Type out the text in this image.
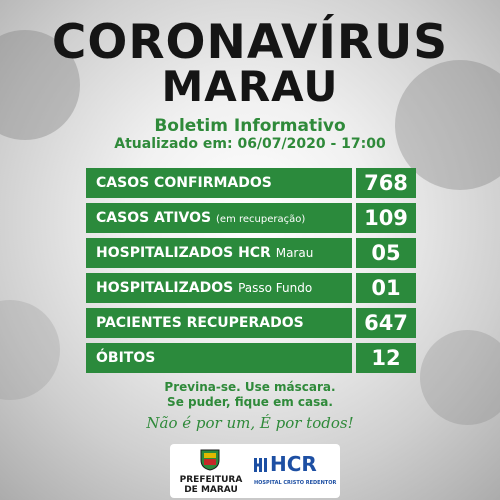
CORONAVÍRUS
MARAU
Boletim Informativo
Atualizado em: 06/07/2020 - 17:00
CASOS CONFIRMADOS	768
CASOS ATIVOS (em recuperação)	109
HOSPITALIZADOS HCR Marau	05
HOSPITALIZADOS Passo Fundo	01
PACIENTES RECUPERADOS	647
ÓBITOS	12
Previna-se. Use máscara.
Se puder, fique em casa.
Não é por um, É por todos!
PREFEITURA
DE MARAU
HCR
HOSPITAL CRISTO REDENTOR
